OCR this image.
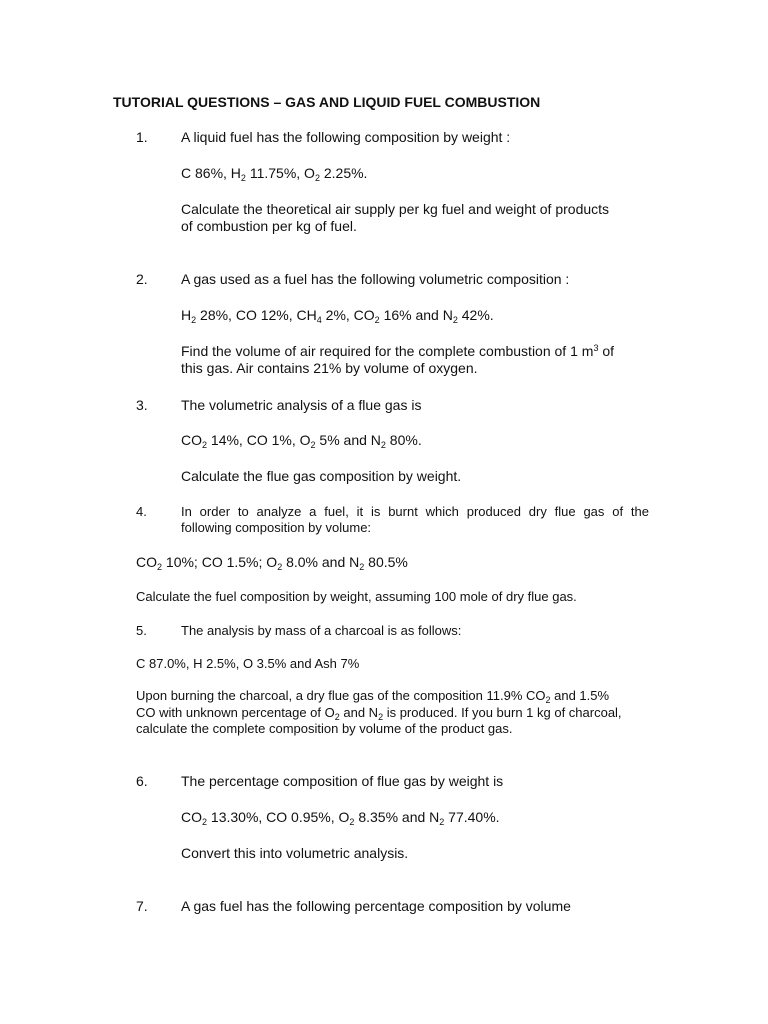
TUTORIAL QUESTIONS – GAS AND LIQUID FUEL COMBUSTION
1. A liquid fuel has the following composition by weight :
C 86%, $H_2$ 11.75%, $O_2$ 2.25%.
Calculate the theoretical air supply per kg fuel and weight of products
of combustion per kg of fuel.
2. A gas used as a fuel has the following volumetric composition :
$H_2$ 28%, CO 12%, $CH_4$ 2%, $CO_2$ 16% and $N_2$ 42%.
Find the volume of air required for the complete combustion of 1 $m^3$ of
this gas. Air contains 21% by volume of oxygen.
3. The volumetric analysis of a flue gas is
$CO_2$ 14%, CO 1%, $O_2$ 5% and $N_2$ 80%.
Calculate the flue gas composition by weight.
4.	In order to analyze a fuel, it is burnt which produced dry flue gas of the
following composition by volume:
$CO_2$ 10%; CO 1.5%; $O_2$ 8.0% and $N_2$ 80.5%
Calculate the fuel composition by weight, assuming 100 mole of dry flue gas.
5.	The analysis by mass of a charcoal is as follows:
C 87.0%, H 2.5%, O 3.5% and Ash 7%
Upon burning the charcoal, a dry flue gas of the composition 11.9% $CO_2$ and 1.5%
CO with unknown percentage of $O_2$ and $N_2$ is produced. If you burn 1 kg of charcoal,
calculate the complete composition by volume of the product gas.
6. The percentage composition of flue gas by weight is
$CO_2$ 13.30%, CO 0.95%, $O_2$ 8.35% and $N_2$ 77.40%.
Convert this into volumetric analysis.
7. A gas fuel has the following percentage composition by volume
